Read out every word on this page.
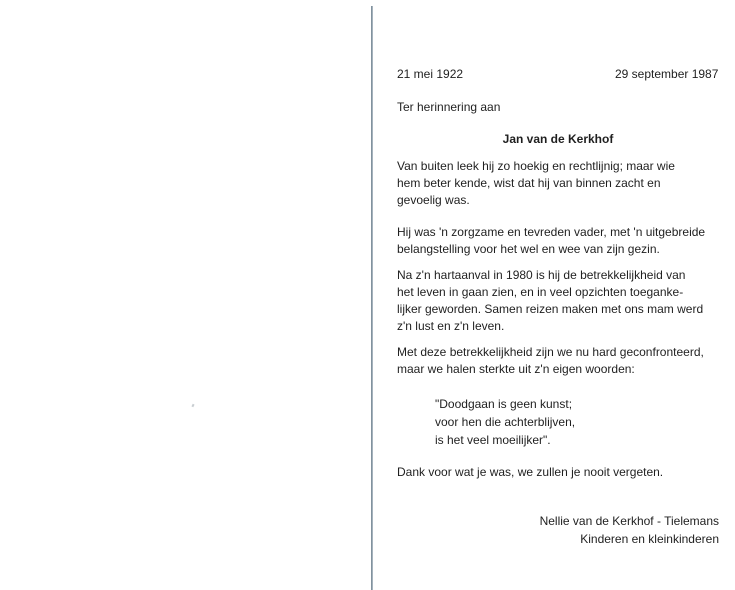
21 mei 1922	29 september 1987

Ter herinnering aan

Jan van de Kerkhof

Van buiten leek hij zo hoekig en rechtlijnig; maar wie
hem beter kende, wist dat hij van binnen zacht en
gevoelig was.
Hij was 'n zorgzame en tevreden vader, met 'n uitgebreide
belangstelling voor het wel en wee van zijn gezin.
Na z'n hartaanval in 1980 is hij de betrekkelijkheid van
het leven in gaan zien, en in veel opzichten toeganke-
lijker geworden. Samen reizen maken met ons mam werd
z'n lust en z'n leven.
Met deze betrekkelijkheid zijn we nu hard geconfronteerd,
maar we halen sterkte uit z'n eigen woorden:
"Doodgaan is geen kunst;
voor hen die achterblijven,
is het veel moeilijker".

Dank voor wat je was, we zullen je nooit vergeten.

Nellie van de Kerkhof - Tielemans

Kinderen en kleinkinderen
